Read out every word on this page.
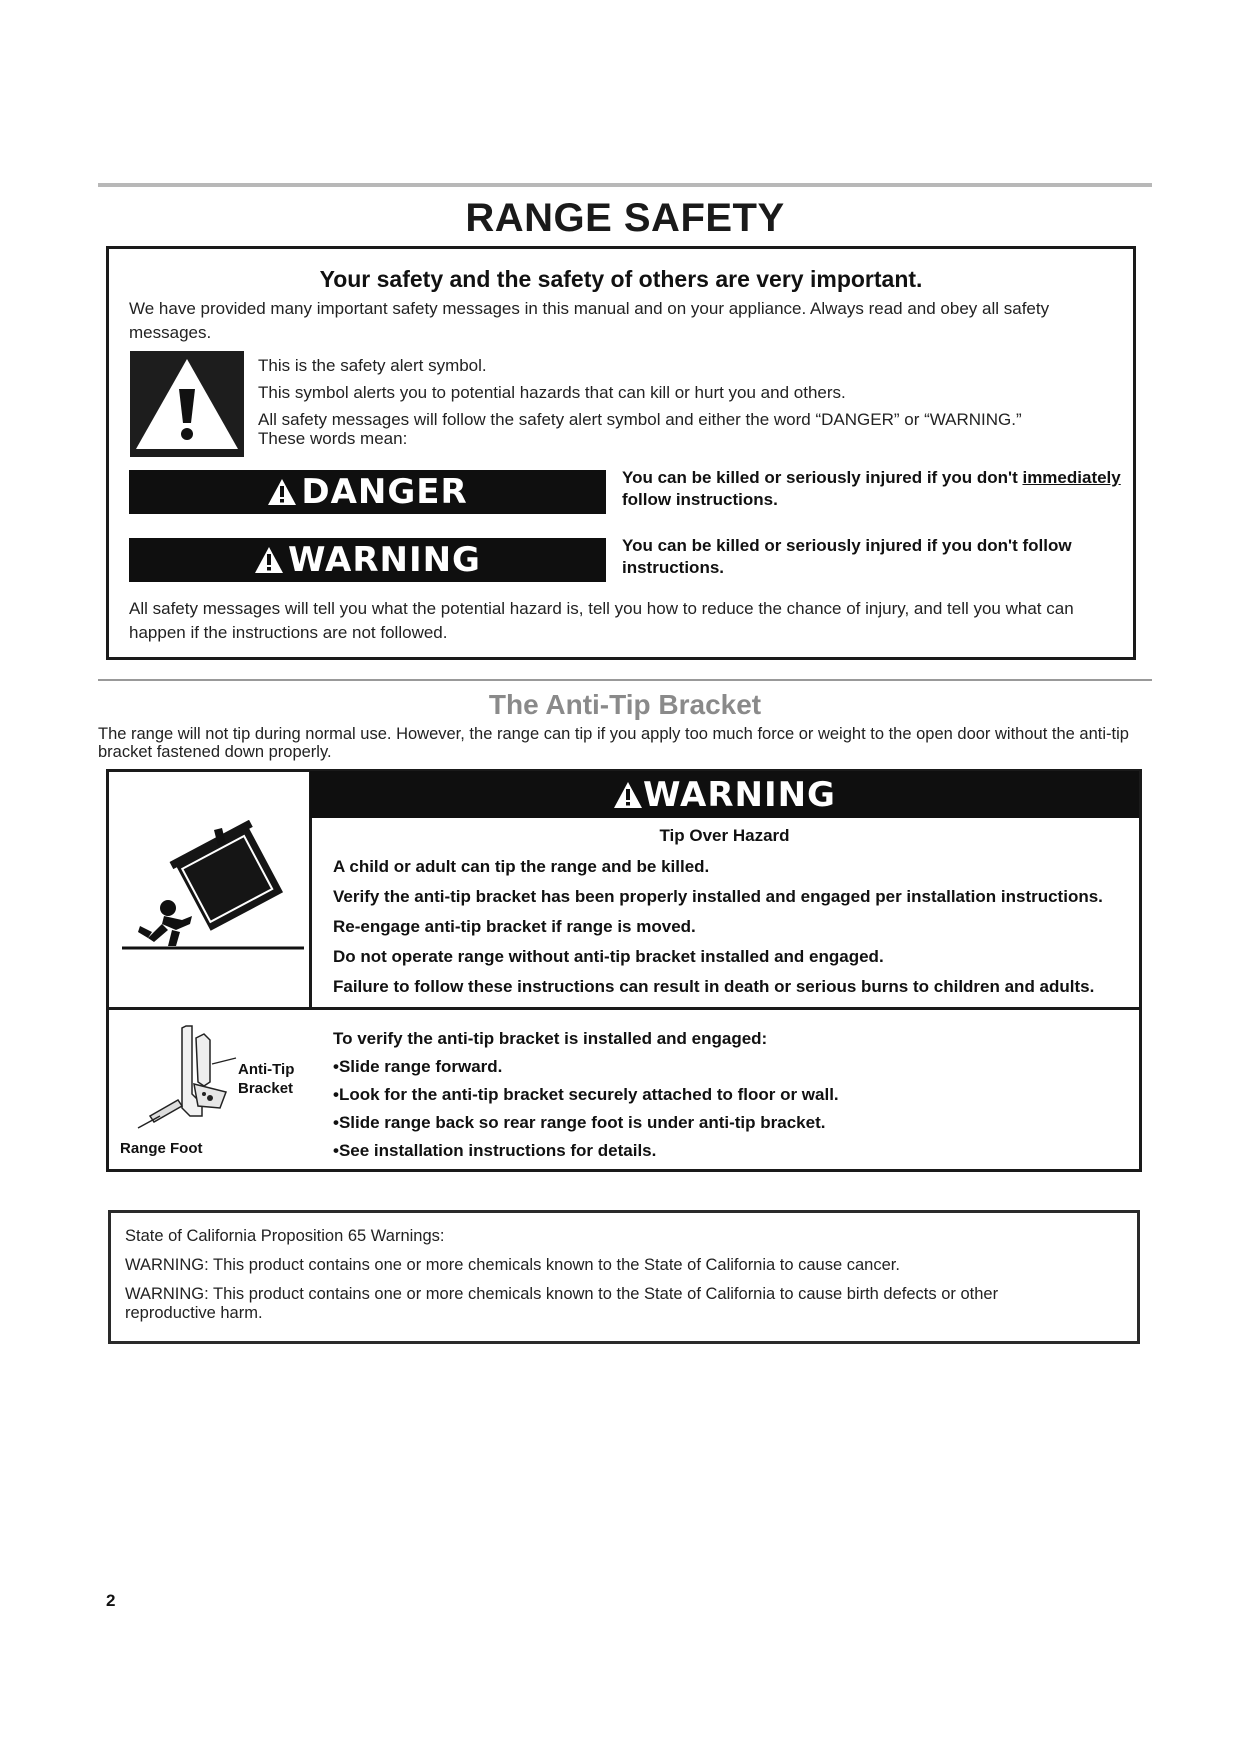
RANGE SAFETY
Your safety and the safety of others are very important.
We have provided many important safety messages in this manual and on your appliance. Always read and obey all safety messages.

This is the safety alert symbol.

This symbol alerts you to potential hazards that can kill or hurt you and others.

All safety messages will follow the safety alert symbol and either the word “DANGER” or “WARNING.” These words mean:

DANGER	You can be killed or seriously injured if you don't immediately follow instructions.
WARNING	You can be killed or seriously injured if you don't follow instructions.
All safety messages will tell you what the potential hazard is, tell you how to reduce the chance of injury, and tell you what can happen if the instructions are not followed.
The Anti-Tip Bracket
The range will not tip during normal use. However, the range can tip if you apply too much force or weight to the open door without the anti-tip bracket fastened down properly.
WARNING
Tip Over Hazard

A child or adult can tip the range and be killed.

Verify the anti-tip bracket has been properly installed and engaged per installation instructions.

Re-engage anti-tip bracket if range is moved.

Do not operate range without anti-tip bracket installed and engaged.

Failure to follow these instructions can result in death or serious burns to children and adults.

Anti-Tip
Bracket
Range Foot

To verify the anti-tip bracket is installed and engaged:

•Slide range forward.

•Look for the anti-tip bracket securely attached to floor or wall.

•Slide range back so rear range foot is under anti-tip bracket.

•See installation instructions for details.

State of California Proposition 65 Warnings:

WARNING: This product contains one or more chemicals known to the State of California to cause cancer.

WARNING: This product contains one or more chemicals known to the State of California to cause birth defects or other reproductive harm.

2
